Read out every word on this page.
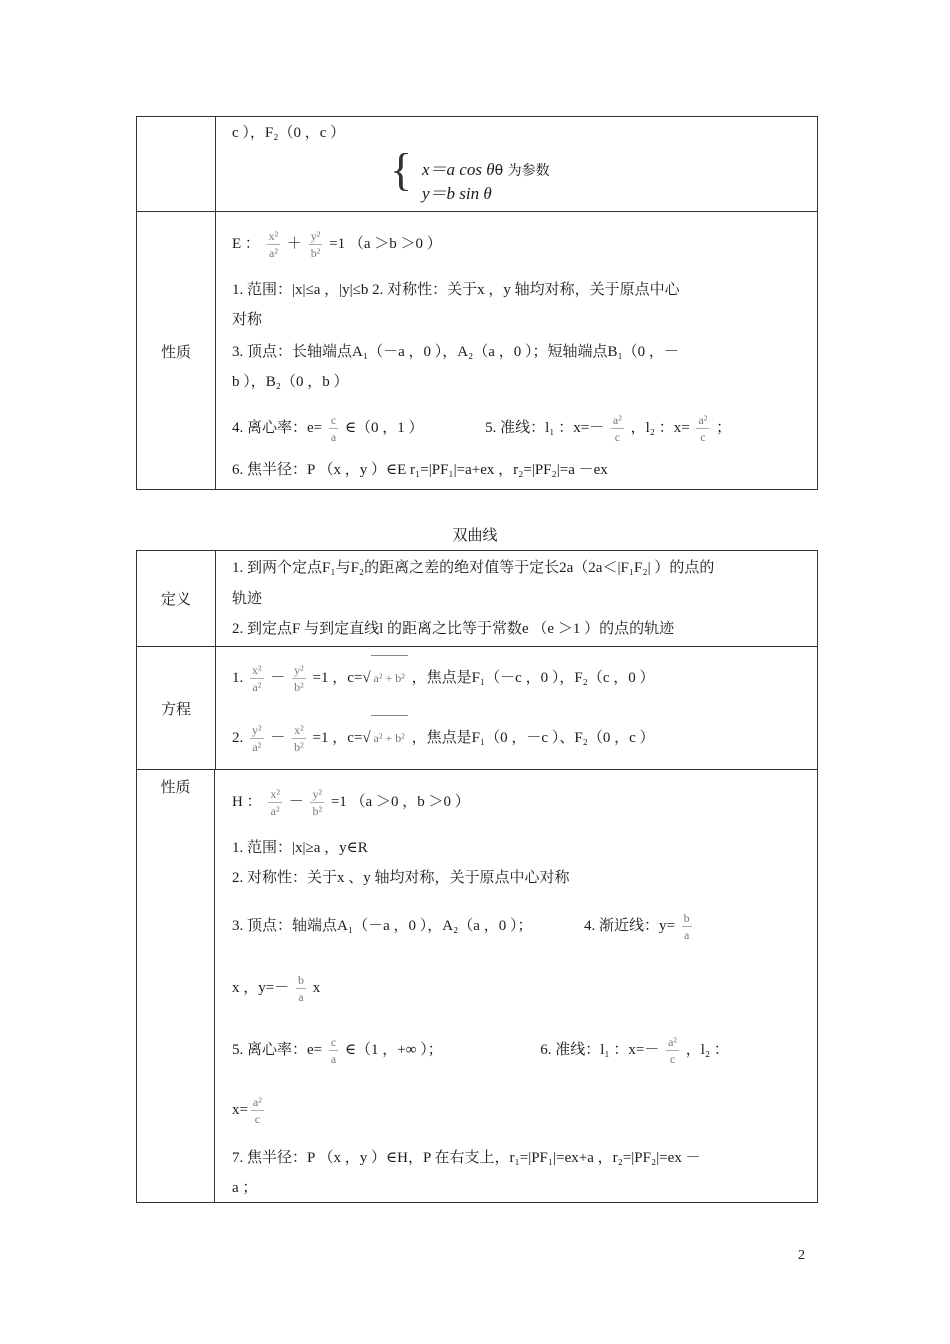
c ），F₂（0 ，c ）
{ x＝a cos θθ 为参数
y＝b sin θ
性质
E ： $\frac{\text{x²}}{\text{a²}} + \frac{\text{y²}}{\text{b²}} =1$ （a ＞b ＞0 ）
1. 范围：|x|≤a ，|y|≤b 2. 对称性：关于x ，y 轴均对称，关于原点中心
对称
3. 顶点：长轴端点A₁（－a ，0 ），A₂（a ，0 ）；短轴端点B₁（0 ，－
b ），B₂（0 ，b ）
4. 离心率：$e= \frac{c}{a}$ ∈（0 ，1 ）	5. 准线：l₁ ：$x=- \frac{\text{a²}}{c}$ ，l₂ ：$x= \frac{\text{a²}}{c}$ ；
6. 焦半径：P （x ，y ）∈E r₁=|PF₁|=a+ex ，r₂=|PF₂|=a －ex
双曲线
定义
1. 到两个定点F₁与F₂的距离之差的绝对值等于定长2a（2a＜|F₁F₂| ）的点的
轨迹
2. 到定点F 与到定直线l 的距离之比等于常数e （e ＞1 ）的点的轨迹
方程
1. $\frac{\text{x²}}{\text{a²}} - \frac{\text{y²}}{\text{b²}} =1$ ，c=√ a² + b² ，焦点是F₁（－c ，0 ），F₂（c ，0 ）
2. $\frac{\text{y²}}{\text{a²}} - \frac{\text{x²}}{\text{b²}} =1$ ，c=√ a² + b² ，焦点是F₁（0 ，－c ）、F₂（0 ，c ）
性质
H ： $\frac{\text{x²}}{\text{a²}} - \frac{\text{y²}}{\text{b²}} =1$ （a ＞0 ，b ＞0 ）
1. 范围：|x|≥a ，y∈R
2. 对称性：关于x 、y 轴均对称，关于原点中心对称
3. 顶点：轴端点A₁（－a ，0 ），A₂（a ，0 ）；	4. 渐近线：$y= \frac{b}{a}$
x ，$y=- \frac{b}{a}$ x
5. 离心率：$e= \frac{c}{a}$ ∈（1 ，+∞ ）；	6. 准线：l₁ ：$x=- \frac{\text{a²}}{c}$ ，l₂ ：
$x= \frac{\text{a²}}{c}$
7. 焦半径：P （x ，y ）∈H，P 在右支上，r₁=|PF₁|=ex+a ，r₂=|PF₂|=ex －
a ；
2
